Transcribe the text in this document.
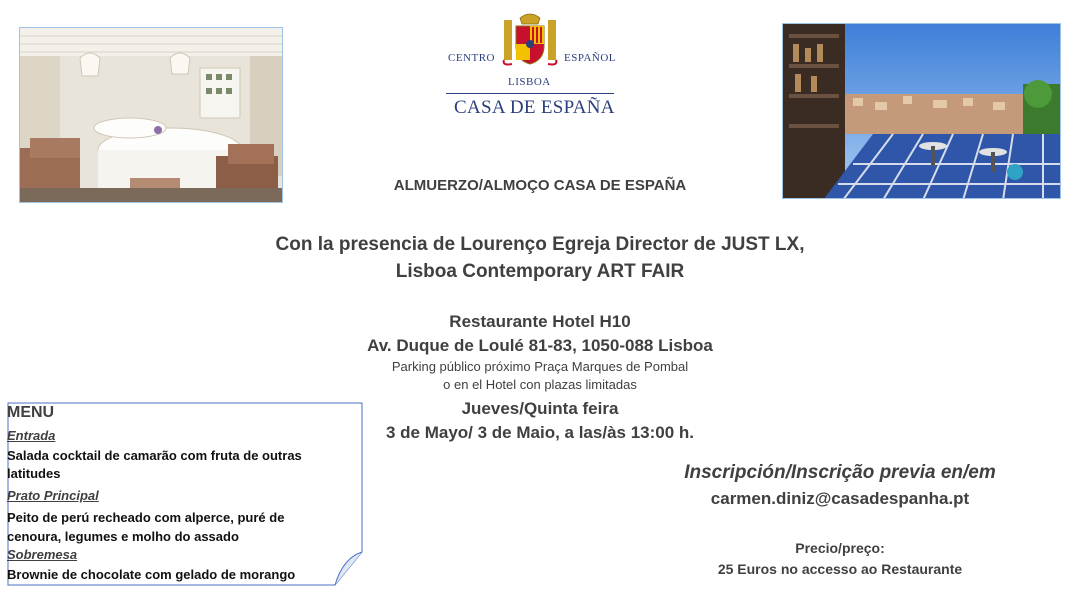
CENTRO	ESPAÑOL
LISBOA
CASA DE ESPAÑA
ALMUERZO/ALMOÇO CASA DE ESPAÑA
Con la presencia de Lourenço Egreja Director de JUST LX,
Lisboa Contemporary ART FAIR
Restaurante Hotel H10
Av. Duque de Loulé 81-83, 1050-088 Lisboa
Parking público próximo Praça Marques de Pombal
o en el Hotel con plazas limitadas
Jueves/Quinta feira
3 de Mayo/ 3 de Maio, a las/às 13:00 h.
Inscripción/Inscrição previa en/em
carmen.diniz@casadespanha.pt
Precio/preço:
25 Euros no accesso ao Restaurante
MENU
Entrada
Salada cocktail de camarão com fruta de outras
latitudes
Prato Principal
Peito de perú recheado com alperce, puré de
cenoura, legumes e molho do assado
Sobremesa
Brownie de chocolate com gelado de morango
